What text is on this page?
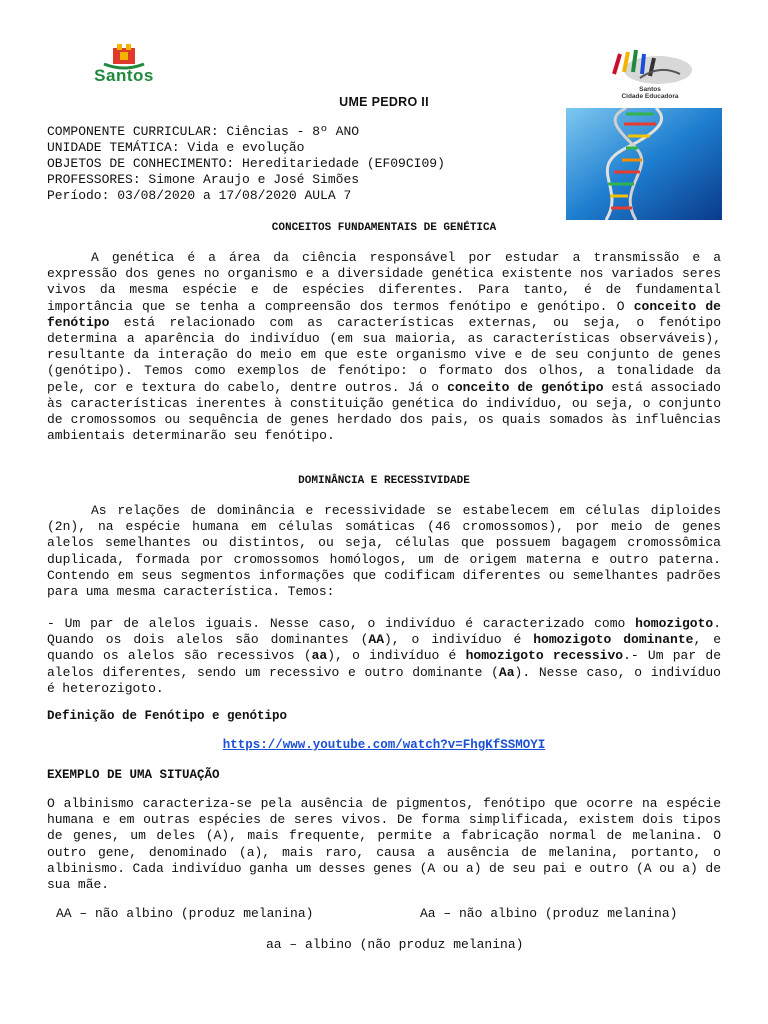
Santos
Santos
Cidade Educadora
UME PEDRO II
COMPONENTE CURRICULAR: Ciências - 8º ANO
UNIDADE TEMÁTICA: Vida e evolução
OBJETOS DE CONHECIMENTO: Hereditariedade (EF09CI09)
PROFESSORES: Simone Araujo e José Simões
Período: 03/08/2020 a 17/08/2020 AULA 7
CONCEITOS FUNDAMENTAIS DE GENÉTICA
A genética é a área da ciência responsável por estudar a transmissão e a expressão dos genes no organismo e a diversidade genética existente nos variados seres vivos da mesma espécie e de espécies diferentes. Para tanto, é de fundamental importância que se tenha a compreensão dos termos fenótipo e genótipo. O conceito de fenótipo está relacionado com as características externas, ou seja, o fenótipo determina a aparência do indivíduo (em sua maioria, as características observáveis), resultante da interação do meio em que este organismo vive e de seu conjunto de genes (genótipo). Temos como exemplos de fenótipo: o formato dos olhos, a tonalidade da pele, cor e textura do cabelo, dentre outros. Já o conceito de genótipo está associado às características inerentes à constituição genética do indivíduo, ou seja, o conjunto de cromossomos ou sequência de genes herdado dos pais, os quais somados às influências ambientais determinarão seu fenótipo.
DOMINÂNCIA E RECESSIVIDADE
As relações de dominância e recessividade se estabelecem em células diploides (2n), na espécie humana em células somáticas (46 cromossomos), por meio de genes alelos semelhantes ou distintos, ou seja, células que possuem bagagem cromossômica duplicada, formada por cromossomos homólogos, um de origem materna e outro paterna. Contendo em seus segmentos informações que codificam diferentes ou semelhantes padrões para uma mesma característica. Temos:
- Um par de alelos iguais. Nesse caso, o indivíduo é caracterizado como homozigoto. Quando os dois alelos são dominantes (AA), o indivíduo é homozigoto dominante, e quando os alelos são recessivos (aa), o indivíduo é homozigoto recessivo.- Um par de alelos diferentes, sendo um recessivo e outro dominante (Aa). Nesse caso, o indivíduo é heterozigoto.
Definição de Fenótipo e genótipo
https://www.youtube.com/watch?v=FhgKfSSMOYI
EXEMPLO DE UMA SITUAÇÃO
O albinismo caracteriza-se pela ausência de pigmentos, fenótipo que ocorre na espécie humana e em outras espécies de seres vivos. De forma simplificada, existem dois tipos de genes, um deles (A), mais frequente, permite a fabricação normal de melanina. O outro gene, denominado (a), mais raro, causa a ausência de melanina, portanto, o albinismo. Cada indivíduo ganha um desses genes (A ou a) de seu pai e outro (A ou a) de sua mãe.
AA – não albino (produz melanina)	Aa – não albino (produz melanina)
aa – albino (não produz melanina)
